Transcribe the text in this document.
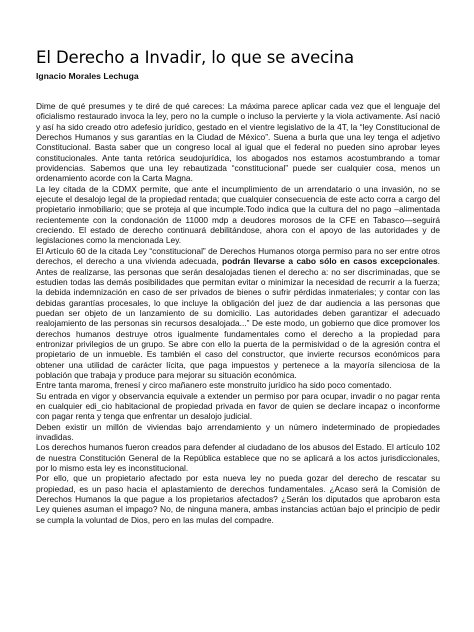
El Derecho a Invadir, lo que se avecina
Ignacio Morales Lechuga

Dime de qué presumes y te diré de qué careces: La máxima parece aplicar cada vez que el lenguaje del oficialismo restaurado invoca la ley, pero no la cumple o incluso la pervierte y la viola activamente. Así nació y así ha sido creado otro adefesio jurídico, gestado en el vientre legislativo de la 4T, la “ley Constitucional de Derechos Humanos y sus garantías en la Ciudad de México”. Suena a burla que una ley tenga el adjetivo Constitucional. Basta saber que un congreso local al igual que el federal no pueden sino aprobar leyes constitucionales. Ante tanta retórica seudojurídica, los abogados nos estamos acostumbrando a tomar providencias. Sabemos que una ley rebautizada “constitucional” puede ser cualquier cosa, menos un ordenamiento acorde con la Carta Magna.

La ley citada de la CDMX permite, que ante el incumplimiento de un arrendatario o una invasión, no se ejecute el desalojo legal de la propiedad rentada; que cualquier consecuencia de este acto corra a cargo del propietario inmobiliario; que se proteja al que incumple.Todo indica que la cultura del no pago –alimentada recientemente con la condonación de 11000 mdp a deudores morosos de la CFE en Tabasco—seguirá creciendo. El estado de derecho continuará debilitándose, ahora con el apoyo de las autoridades y de legislaciones como la mencionada Ley.

El Artículo 60 de la citada Ley “constitucional” de Derechos Humanos otorga permiso para no ser entre otros derechos, el derecho a una vivienda adecuada, podrán llevarse a cabo sólo en casos excepcionales. Antes de realizarse, las personas que serán desalojadas tienen el derecho a: no ser discriminadas, que se estudien todas las demás posibilidades que permitan evitar o minimizar la necesidad de recurrir a la fuerza; la debida indemnización en caso de ser privados de bienes o sufrir pérdidas inmateriales; y contar con las debidas garantías procesales, lo que incluye la obligación del juez de dar audiencia a las personas que puedan ser objeto de un lanzamiento de su domicilio. Las autoridades deben garantizar el adecuado realojamiento de las personas sin recursos desalojada...” De este modo, un gobierno que dice promover los derechos humanos destruye otros igualmente fundamentales como el derecho a la propiedad para entronizar privilegios de un grupo. Se abre con ello la puerta de la permisividad o de la agresión contra el propietario de un inmueble. Es también el caso del constructor, que invierte recursos económicos para obtener una utilidad de carácter lícita, que paga impuestos y pertenece a la mayoría silenciosa de la población que trabaja y produce para mejorar su situación económica.

Entre tanta maroma, frenesí y circo mañanero este monstruito jurídico ha sido poco comentado.

Su entrada en vigor y observancia equivale a extender un permiso por para ocupar, invadir o no pagar renta en cualquier edi_cio habitacional de propiedad privada en favor de quien se declare incapaz o inconforme con pagar renta y tenga que enfrentar un desalojo judicial.

Deben existir un millón de viviendas bajo arrendamiento y un número indeterminado de propiedades invadidas.

Los derechos humanos fueron creados para defender al ciudadano de los abusos del Estado. El artículo 102 de nuestra Constitución General de la República establece que no se aplicará a los actos jurisdiccionales, por lo mismo esta ley es inconstitucional.

Por ello, que un propietario afectado por esta nueva ley no pueda gozar del derecho de rescatar su propiedad, es un paso hacia el aplastamiento de derechos fundamentales. ¿Acaso será la Comisión de Derechos Humanos la que pague a los propietarios afectados? ¿Serán los diputados que aprobaron esta Ley quienes asuman el impago? No, de ninguna manera, ambas instancias actúan bajo el principio de pedir se cumpla la voluntad de Dios, pero en las mulas del compadre.
